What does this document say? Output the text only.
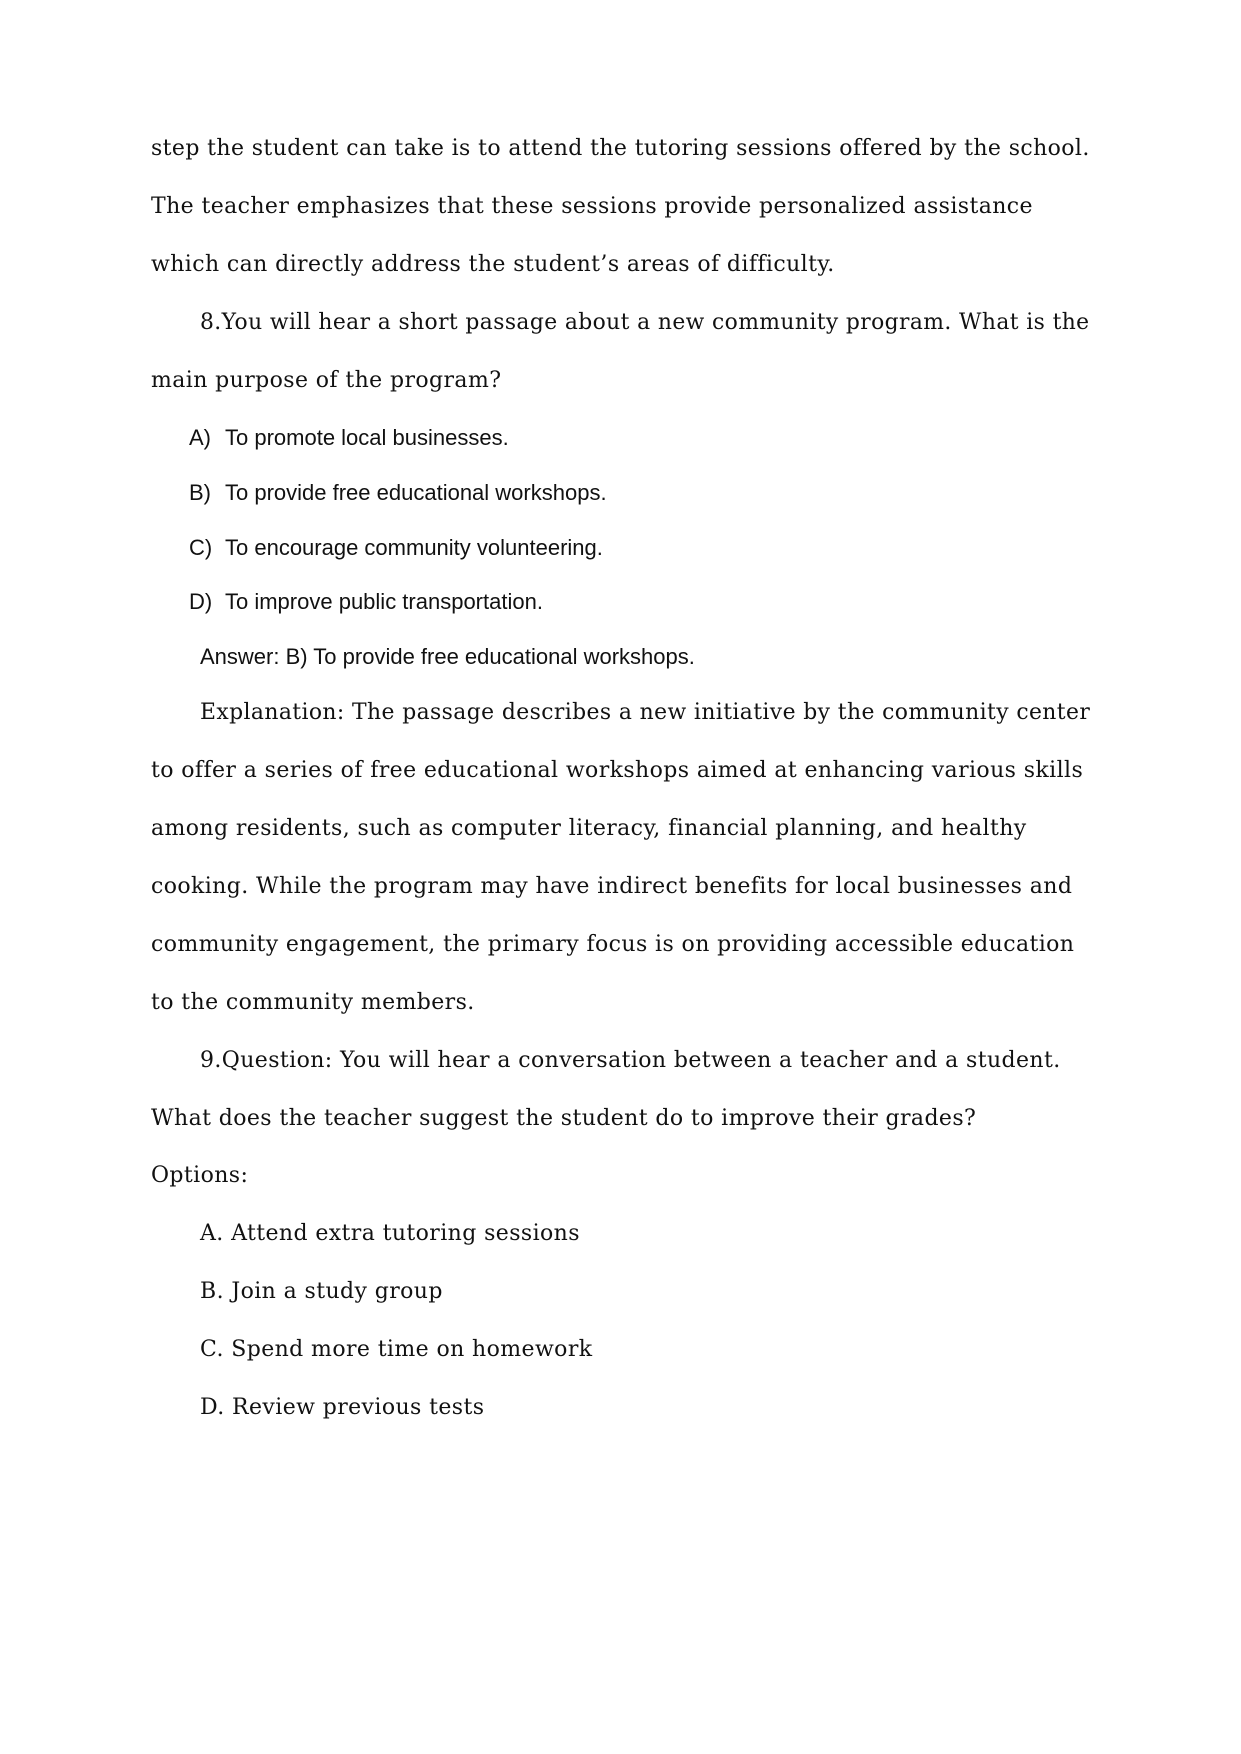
step the student can take is to attend the tutoring sessions offered by the school.
The teacher emphasizes that these sessions provide personalized assistance
which can directly address the student’s areas of difficulty.
8.You will hear a short passage about a new community program. What is the
main purpose of the program?
A) To promote local businesses.
B) To provide free educational workshops.
C) To encourage community volunteering.
D) To improve public transportation.
Answer: B) To provide free educational workshops.
Explanation: The passage describes a new initiative by the community center
to offer a series of free educational workshops aimed at enhancing various skills
among residents, such as computer literacy, financial planning, and healthy
cooking. While the program may have indirect benefits for local businesses and
community engagement, the primary focus is on providing accessible education
to the community members.
9.Question: You will hear a conversation between a teacher and a student.
What does the teacher suggest the student do to improve their grades?
Options:
A. Attend extra tutoring sessions
B. Join a study group
C. Spend more time on homework
D. Review previous tests
